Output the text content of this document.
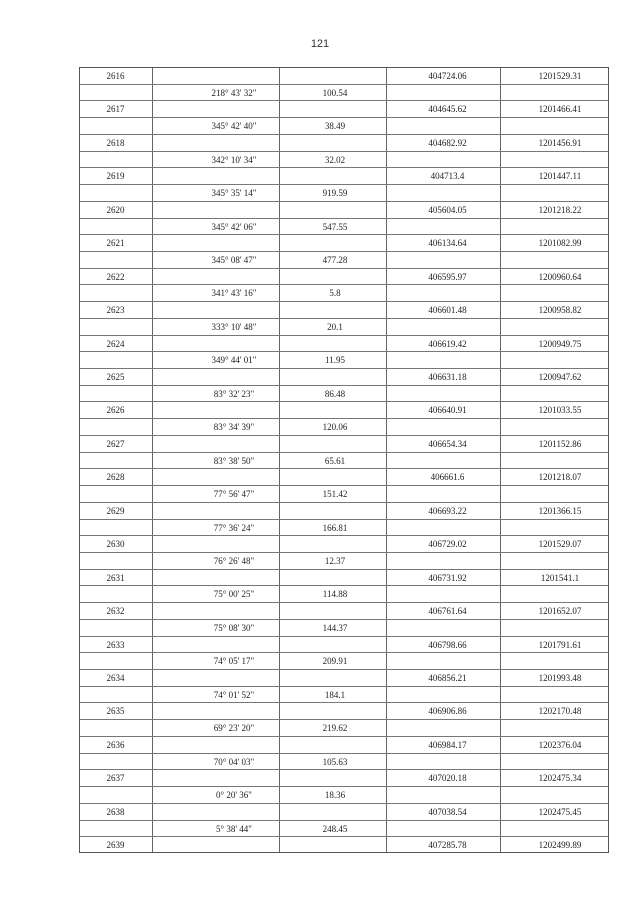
121
2616	404724.06	1201529.31
218° 43' 32"	100.54
2617	404645.62	1201466.41
345° 42' 40"	38.49
2618	404682.92	1201456.91
342° 10' 34"	32.02
2619	404713.4	1201447.11
345° 35' 14"	919.59
2620	405604.05	1201218.22
345° 42' 06"	547.55
2621	406134.64	1201082.99
345° 08' 47"	477.28
2622	406595.97	1200960.64
341° 43' 16"	5.8
2623	406601.48	1200958.82
333° 10' 48"	20.1
2624	406619.42	1200949.75
349° 44' 01"	11.95
2625	406631.18	1200947.62
83° 32' 23"	86.48
2626	406640.91	1201033.55
83° 34' 39"	120.06
2627	406654.34	1201152.86
83° 38' 50"	65.61
2628	406661.6	1201218.07
77° 56' 47"	151.42
2629	406693.22	1201366.15
77° 36' 24"	166.81
2630	406729.02	1201529.07
76° 26' 48"	12.37
2631	406731.92	1201541.1
75° 00' 25"	114.88
2632	406761.64	1201652.07
75° 08' 30"	144.37
2633	406798.66	1201791.61
74° 05' 17"	209.91
2634	406856.21	1201993.48
74° 01' 52"	184.1
2635	406906.86	1202170.48
69° 23' 20"	219.62
2636	406984.17	1202376.04
70° 04' 03"	105.63
2637	407020.18	1202475.34
0° 20' 36"	18.36
2638	407038.54	1202475.45
5° 38' 44"	248.45
2639	407285.78	1202499.89
